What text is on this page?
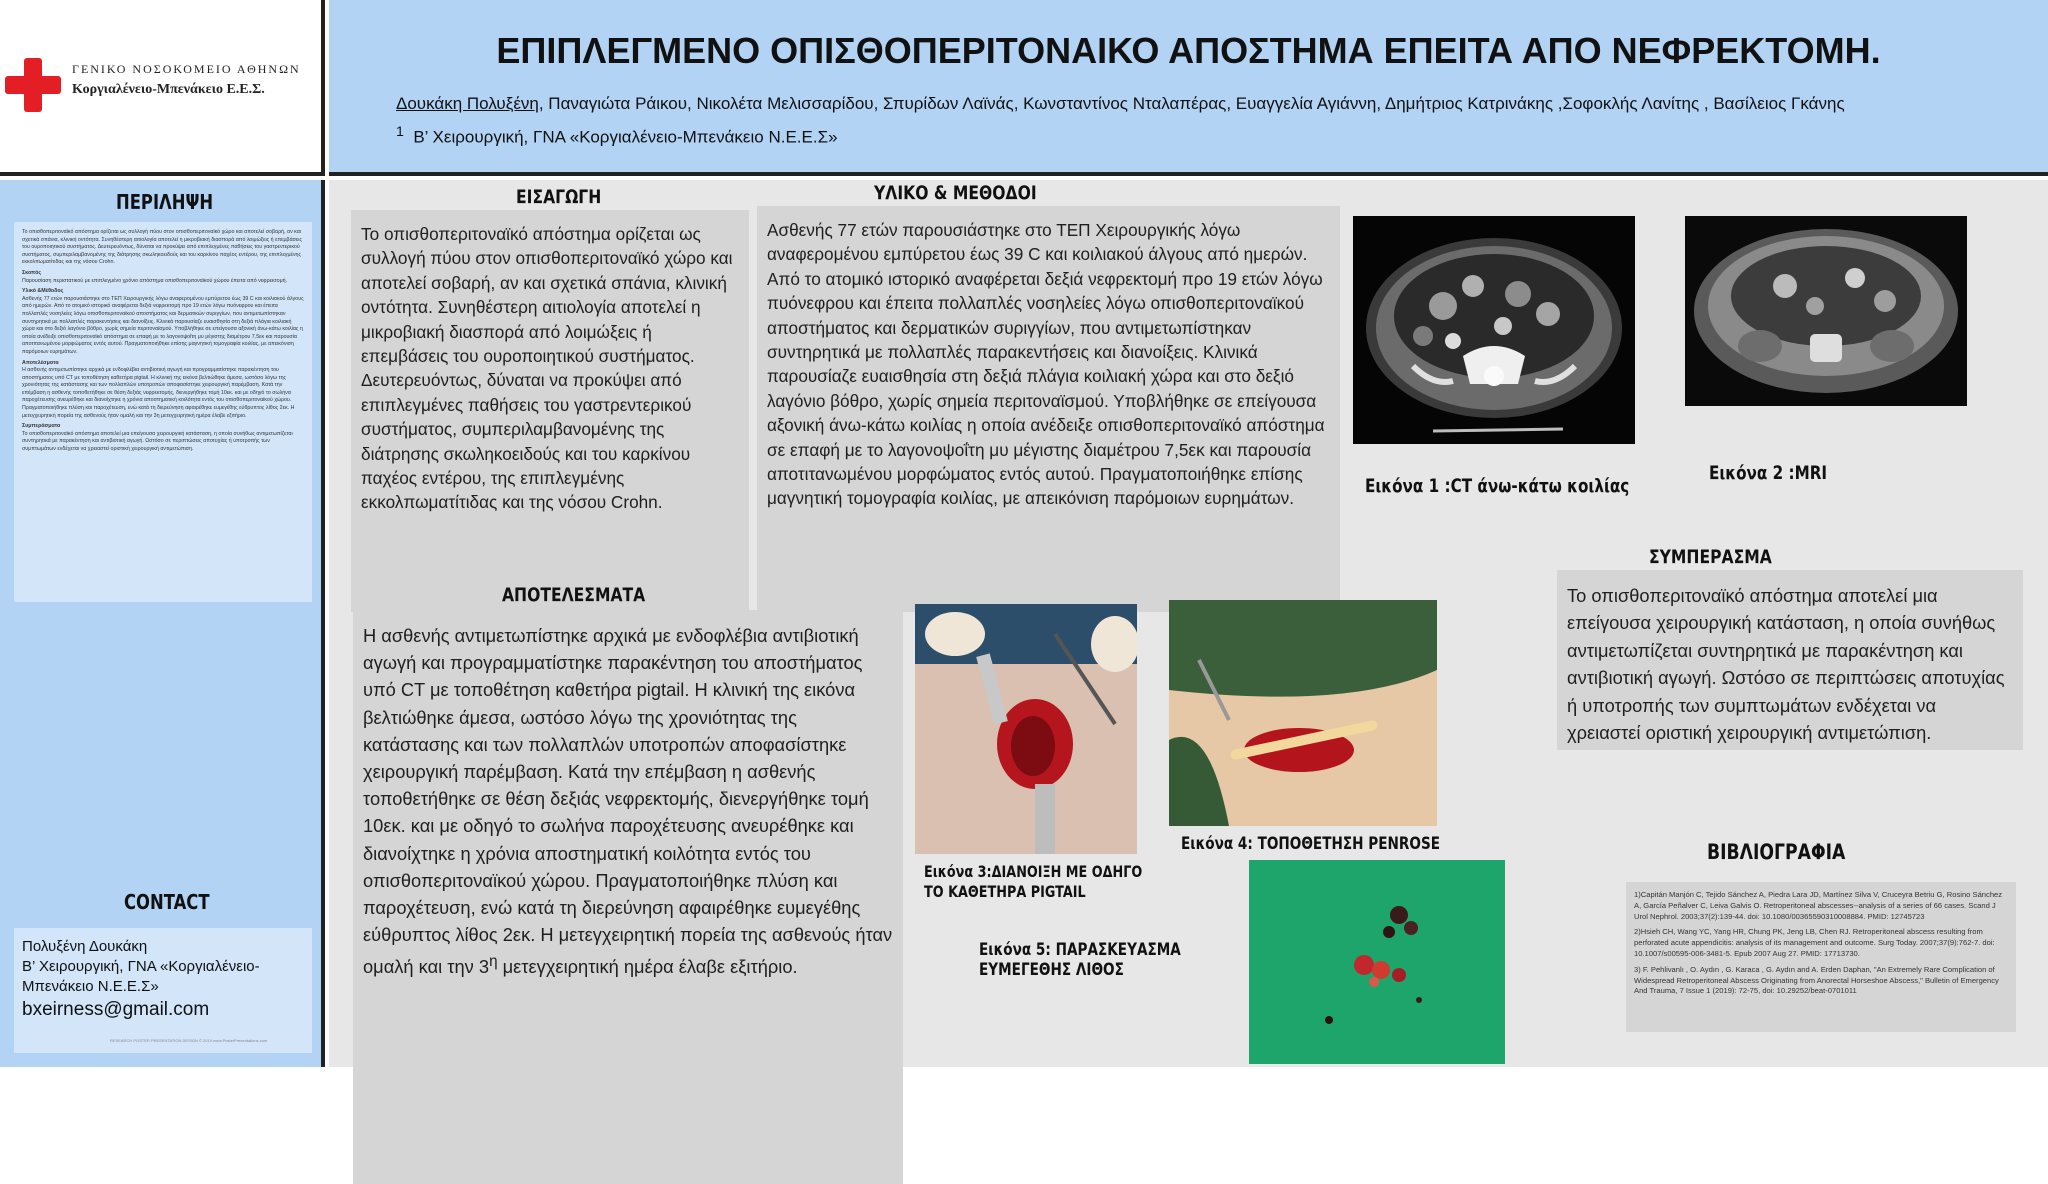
ΓΕΝΙΚΟ ΝΟΣΟΚΟΜΕΙΟ ΑΘΗΝΩΝ
Κοργιαλένειο-Μπενάκειο Ε.Ε.Σ.
ΕΠΙΠΛΕΓΜΕΝΟ ΟΠΙΣΘΟΠΕΡΙΤΟΝΑΙΚΟ ΑΠΟΣΤΗΜΑ ΕΠΕΙΤΑ ΑΠΟ ΝΕΦΡΕΚΤΟΜΗ.
Δουκάκη Πολυξένη, Παναγιώτα Ράικου, Νικολέτα Μελισσαρίδου, Σπυρίδων Λαϊνάς, Κωνσταντίνος Νταλαπέρας, Ευαγγελία Αγιάννη, Δημήτριος Κατρινάκης ,Σοφοκλής Λανίτης , Βασίλειος Γκάνης
$^1$ Β’ Χειρουργική, ΓΝΑ «Κοργιαλένειο-Μπενάκειο Ν.Ε.Ε.Σ»
ΠΕΡΙΛΗΨΗ
Το οπισθοπεριτοναϊκό απόστημα ορίζεται ως συλλογή πύου στον οπισθοπεριτοναϊκό χώρο και αποτελεί σοβαρή, αν και σχετικά σπάνια, κλινική οντότητα. Συνηθέστερη αιτιολογία αποτελεί η μικροβιακή διασπορά από λοιμώξεις ή επεμβάσεις του ουροποιητικού συστήματος. Δευτερευόντως, δύναται να προκύψει από επιπλεγμένες παθήσεις του γαστρεντερικού συστήματος, συμπεριλαμβανομένης της διάτρησης σκωληκοειδούς και του καρκίνου παχέος εντέρου, της επιπλεγμένης εκκολπωματίτιδας και της νόσου Crohn.
Σκοπός
Παρουσίαση περιστατικού με επιπλεγμένο χρόνιο απόστημα οπισθοπεριτοναϊκού χώρου έπειτα από νεφρεκτομή.
Υλικό &Μέθοδος
Ασθενής 77 ετών παρουσιάστηκε στο ΤΕΠ Χειρουργικής λόγω αναφερομένου εμπύρετου έως 39 C και κοιλιακού άλγους από ημερών. Από το ατομικό ιστορικό αναφέρεται δεξιά νεφρεκτομή προ 19 ετών λόγω πυόνεφρου και έπειτα πολλαπλές νοσηλείες λόγω οπισθοπεριτοναϊκού αποστήματος και δερματικών συριγγίων, που αντιμετωπίστηκαν συντηρητικά με πολλαπλές παρακεντήσεις και διανοίξεις. Κλινικά παρουσίαζε ευαισθησία στη δεξιά πλάγια κοιλιακή χώρα και στο δεξιό λαγόνιο βόθρο, χωρίς σημεία περιτοναϊσμού. Υποβλήθηκε σε επείγουσα αξονική άνω-κάτω κοιλίας η οποία ανέδειξε οπισθοπεριτοναϊκό απόστημα σε επαφή με το λαγονοψοΐτη μυ μέγιστης διαμέτρου 7,5εκ και παρουσία αποτιτανωμένου μορφώματος εντός αυτού. Πραγματοποιήθηκε επίσης μαγνητική τομογραφία κοιλίας, με απεικόνιση παρόμοιων ευρημάτων.
Αποτελέσματα
Η ασθενής αντιμετωπίστηκε αρχικά με ενδοφλέβια αντιβιοτική αγωγή και προγραμματίστηκε παρακέντηση του αποστήματος υπό CT με τοποθέτηση καθετήρα pigtail. Η κλινική της εικόνα βελτιώθηκε άμεσα, ωστόσο λόγω της χρονιότητας της κατάστασης και των πολλαπλών υποτροπών αποφασίστηκε χειρουργική παρέμβαση. Κατά την επέμβαση η ασθενής τοποθετήθηκε σε θέση δεξιάς νεφρεκτομής, διενεργήθηκε τομή 10εκ. και με οδηγό το σωλήνα παροχέτευσης ανευρέθηκε και διανοίχτηκε η χρόνια αποστηματική κοιλότητα εντός του οπισθοπεριτοναϊκού χώρου. Πραγματοποιήθηκε πλύση και παροχέτευση, ενώ κατά τη διερεύνηση αφαιρέθηκε ευμεγέθης εύθρυπτος λίθος 2εκ. Η μετεγχειρητική πορεία της ασθενούς ήταν ομαλή και την 3η μετεγχειρητική ημέρα έλαβε εξιτήριο.
Συμπεράσματα
Το οπισθοπεριτοναϊκό απόστημα αποτελεί μια επείγουσα χειρουργική κατάσταση, η οποία συνήθως αντιμετωπίζεται συντηρητικά με παρακέντηση και αντιβιοτική αγωγή. Ωστόσο σε περιπτώσεις αποτυχίας ή υποτροπής των συμπτωμάτων ενδέχεται να χρειαστεί οριστική χειρουργική αντιμετώπιση.
CONTACT
Πολυξένη Δουκάκη
Β’ Χειρουργική, ΓΝΑ «Κοργιαλένειο-
Μπενάκειο Ν.Ε.Ε.Σ»
bxeirness@gmail.com
RESEARCH POSTER PRESENTATION DESIGN © 2019 www.PosterPresentations.com
ΕΙΣΑΓΩΓΗ
Το οπισθοπεριτοναϊκό απόστημα ορίζεται ως συλλογή πύου στον οπισθοπεριτοναϊκό χώρο και αποτελεί σοβαρή, αν και σχετικά σπάνια, κλινική οντότητα. Συνηθέστερη αιτιολογία αποτελεί η μικροβιακή διασπορά από λοιμώξεις ή επεμβάσεις του ουροποιητικού συστήματος. Δευτερευόντως, δύναται να προκύψει από επιπλεγμένες παθήσεις του γαστρεντερικού συστήματος, συμπεριλαμβανομένης της διάτρησης σκωληκοειδούς και του καρκίνου παχέος εντέρου, της επιπλεγμένης εκκολπωματίτιδας και της νόσου Crohn.
ΥΛΙΚΟ & ΜΕΘΟΔΟΙ
Ασθενής 77 ετών παρουσιάστηκε στο ΤΕΠ Χειρουργικής λόγω αναφερομένου εμπύρετου έως 39 C και κοιλιακού άλγους από ημερών. Από το ατομικό ιστορικό αναφέρεται δεξιά νεφρεκτομή προ 19 ετών λόγω πυόνεφρου και έπειτα πολλαπλές νοσηλείες λόγω οπισθοπεριτοναϊκού αποστήματος και δερματικών συριγγίων, που αντιμετωπίστηκαν συντηρητικά με πολλαπλές παρακεντήσεις και διανοίξεις. Κλινικά παρουσίαζε ευαισθησία στη δεξιά πλάγια κοιλιακή χώρα και στο δεξιό λαγόνιο βόθρο, χωρίς σημεία περιτοναϊσμού. Υποβλήθηκε σε επείγουσα αξονική άνω-κάτω κοιλίας η οποία ανέδειξε οπισθοπεριτοναϊκό απόστημα σε επαφή με το λαγονοψοΐτη μυ μέγιστης διαμέτρου 7,5εκ και παρουσία αποτιτανωμένου μορφώματος εντός αυτού. Πραγματοποιήθηκε επίσης μαγνητική τομογραφία κοιλίας, με απεικόνιση παρόμοιων ευρημάτων.
Εικόνα 1 :CT άνω-κάτω κοιλίας
Εικόνα 2 :MRI
ΑΠΟΤΕΛΕΣΜΑΤΑ
Η ασθενής αντιμετωπίστηκε αρχικά με ενδοφλέβια αντιβιοτική αγωγή και προγραμματίστηκε παρακέντηση του αποστήματος υπό CT με τοποθέτηση καθετήρα pigtail. Η κλινική της εικόνα βελτιώθηκε άμεσα, ωστόσο λόγω της χρονιότητας της κατάστασης και των πολλαπλών υποτροπών αποφασίστηκε χειρουργική παρέμβαση. Κατά την επέμβαση η ασθενής τοποθετήθηκε σε θέση δεξιάς νεφρεκτομής, διενεργήθηκε τομή 10εκ. και με οδηγό το σωλήνα παροχέτευσης ανευρέθηκε και διανοίχτηκε η χρόνια αποστηματική κοιλότητα εντός του οπισθοπεριτοναϊκού χώρου. Πραγματοποιήθηκε πλύση και παροχέτευση, ενώ κατά τη διερεύνηση αφαιρέθηκε ευμεγέθης εύθρυπτος λίθος 2εκ. Η μετεγχειρητική πορεία της ασθενούς ήταν ομαλή και την $3^\eta$ μετεγχειρητική ημέρα έλαβε εξιτήριο.
Εικόνα 3:ΔΙΑΝΟΙΞΗ ΜΕ ΟΔΗΓΟ
ΤΟ ΚΑΘΕΤΗΡΑ PIGTAIL
Εικόνα 4: ΤΟΠΟΘΕΤΗΣΗ PENROSE
Εικόνα 5: ΠΑΡΑΣΚΕΥΑΣΜΑ
ΕΥΜΕΓΕΘΗΣ ΛΙΘΟΣ
ΣΥΜΠΕΡΑΣΜΑ
Το οπισθοπεριτοναϊκό απόστημα αποτελεί μια επείγουσα χειρουργική κατάσταση, η οποία συνήθως αντιμετωπίζεται συντηρητικά με παρακέντηση και αντιβιοτική αγωγή. Ωστόσο σε περιπτώσεις αποτυχίας ή υποτροπής των συμπτωμάτων ενδέχεται να χρειαστεί οριστική χειρουργική αντιμετώπιση.
ΒΙΒΛΙΟΓΡΑΦΙΑ

1)Capitán Manjón C, Tejido Sánchez A, Piedra Lara JD, Martínez Silva V, Cruceyra Betriu G, Rosino Sánchez A, García Peñalver C, Leiva Galvis O. Retroperitoneal abscesses--analysis of a series of 66 cases. Scand J Urol Nephrol. 2003;37(2):139-44. doi: 10.1080/00365590310008884. PMID: 12745723

2)Hsieh CH, Wang YC, Yang HR, Chung PK, Jeng LB, Chen RJ. Retroperitoneal abscess resulting from perforated acute appendicitis: analysis of its management and outcome. Surg Today. 2007;37(9):762-7. doi: 10.1007/s00595-006-3481-5. Epub 2007 Aug 27. PMID: 17713730.

3) F. Pehlivanlı , O. Aydın , G. Karaca , G. Aydın and A. Erden Daphan, "An Extremely Rare Complication of Widespread Retroperitoneal Abscess Originating from Anorectal Horseshoe Abscess," Bulletin of Emergency And Trauma, 7 Issue 1 (2019): 72-75, doi: 10.29252/beat-0701011
